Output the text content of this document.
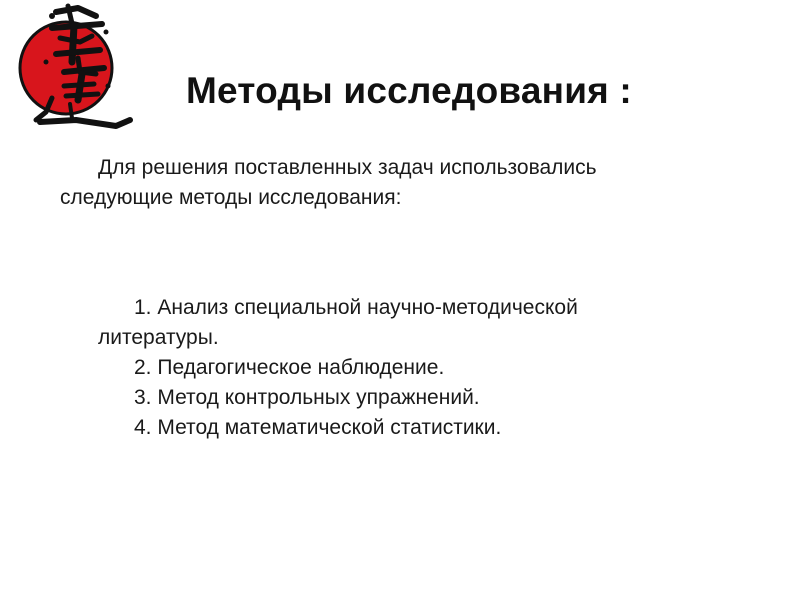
Методы исследования :
Для решения поставленных задач использовались
следующие методы исследования:
1. Анализ специальной научно-методической
литературы.
2. Педагогическое наблюдение.
3. Метод контрольных упражнений.
4. Метод математической статистики.
